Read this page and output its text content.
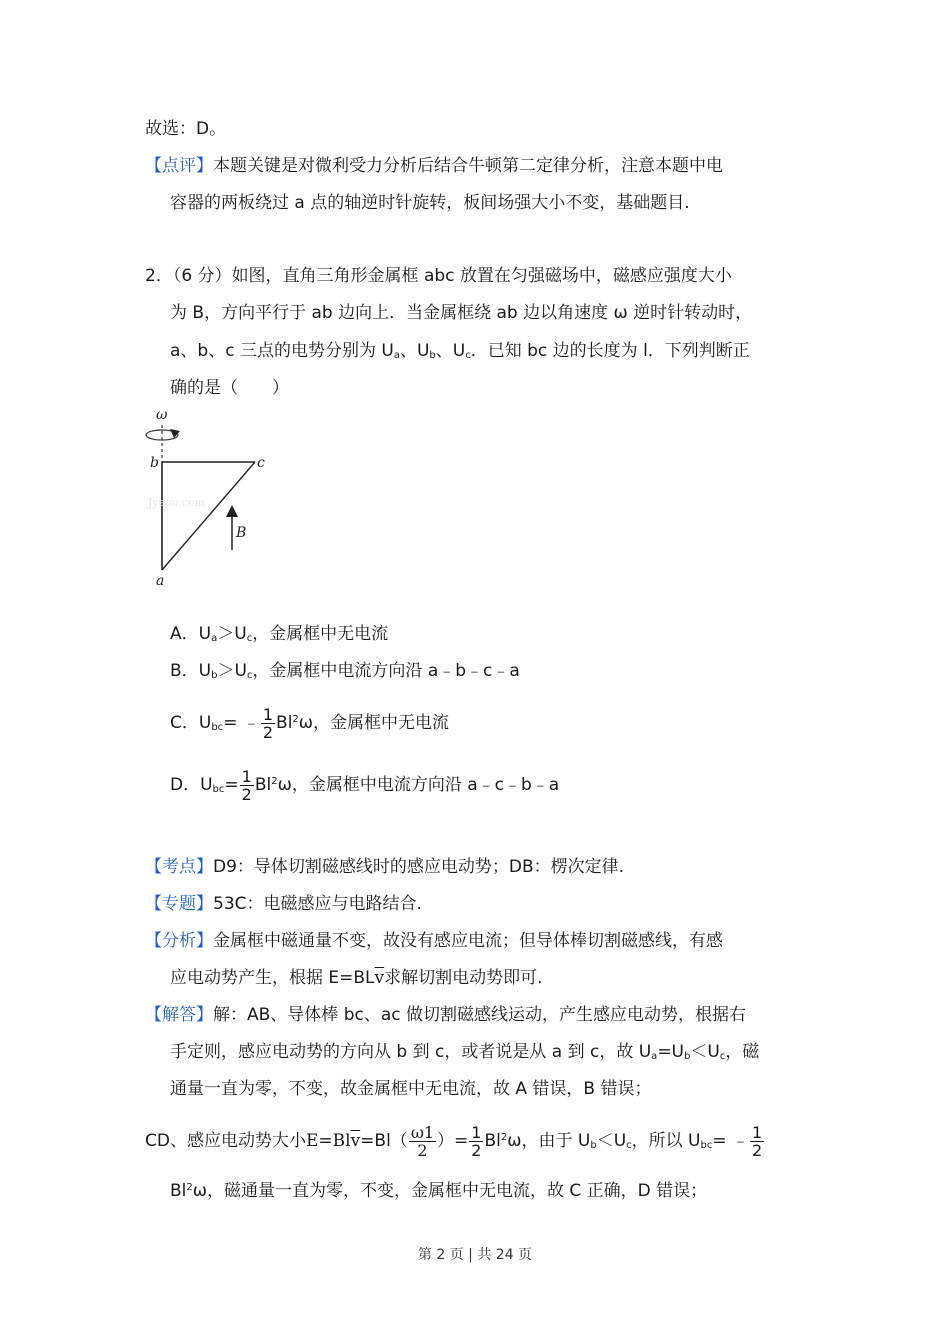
故选：D。
【点评】本题关键是对微利受力分析后结合牛顿第二定律分析，注意本题中电
容器的两板绕过 a 点的轴逆时针旋转，板间场强大小不变，基础题目.
2．（6 分）如图，直角三角形金属框 abc 放置在匀强磁场中，磁感应强度大小
为 B，方向平行于 ab 边向上．当金属框绕 ab 边以角速度 ω 逆时针转动时，
a、b、c 三点的电势分别为 $U_a$、$U_b$、$U_c$．已知 bc 边的长度为 l．下列判断正
确的是（　　）
Jyeoo.com
ω
b	c
a
B
A．$U_a>U_c$，金属框中无电流
B．$U_b>U_c$，金属框中电流方向沿 a﹣b﹣c﹣a
C．$U_{bc}=$ ﹣ $\frac{1}{2} Bl^2\omega$，金属框中无电流
D．$U_{bc}= \frac{1}{2} Bl^2\omega$，金属框中电流方向沿 a﹣c﹣b﹣a
【考点】D9：导体切割磁感线时的感应电动势；DB：楞次定律.
【专题】53C：电磁感应与电路结合.
【分析】金属框中磁通量不变，故没有感应电流；但导体棒切割磁感线，有感
应电动势产生，根据 $E=BL\overline{v}$求解切割电动势即可.
【解答】解：AB、导体棒 bc、ac 做切割磁感线运动，产生感应电动势，根据右
手定则，感应电动势的方向从 b 到 c，或者说是从 a 到 c，故 $U_a=U_b<U_c$，磁
通量一直为零，不变，故金属框中无电流，故 A 错误，B 错误；
CD、感应电动势大小$E=Bl\overline{v}=Bl( \frac{\omega 1}{2}$ ）= $\frac{1}{2} Bl^2\omega$，由于 $U_b<U_c$，所以 $U_{bc}=$ ﹣ $\frac{1}{2}$
Bl$^2$ω，磁通量一直为零，不变，金属框中无电流，故 C 正确，D 错误；
第 2 页 | 共 24 页
